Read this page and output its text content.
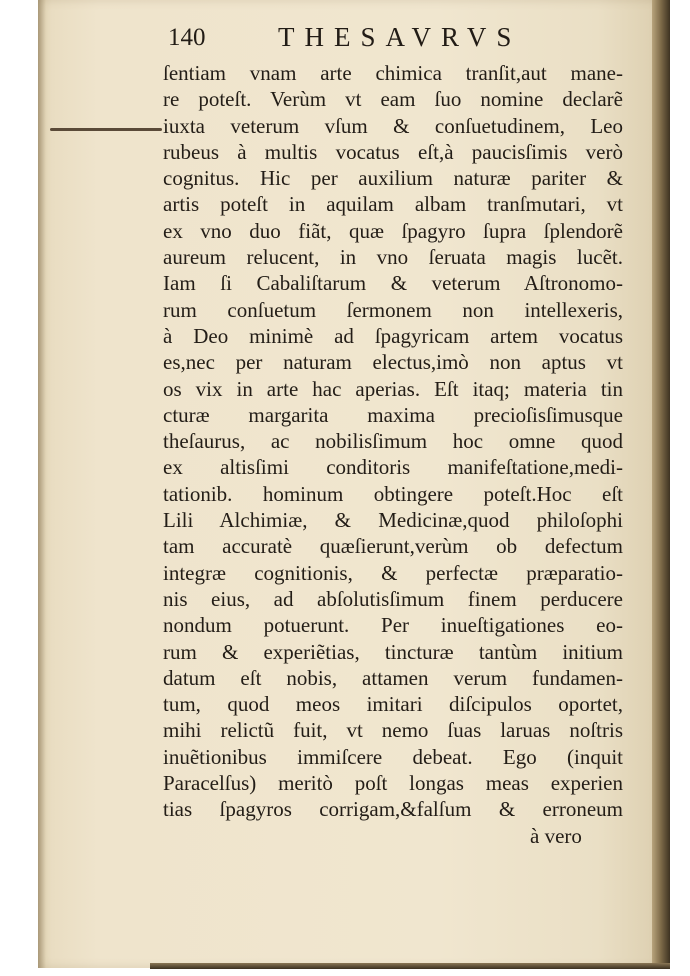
140	THESAVRVS
ſentiam vnam arte chimica tranſit,aut mane-
re poteſt. Verùm vt eam ſuo nomine declarẽ
iuxta veterum vſum & conſuetudinem, Leo
rubeus à multis vocatus eſt,à paucisſimis verò
cognitus. Hic per auxilium naturæ pariter &
artis poteſt in aquilam albam tranſmutari, vt
ex vno duo fiãt, quæ ſpagyro ſupra ſplendorẽ
aureum relucent, in vno ſeruata magis lucẽt.
Iam ſi Cabaliſtarum & veterum Aſtronomo-
rum conſuetum ſermonem non intellexeris,
à Deo minimè ad ſpagyricam artem vocatus
es,nec per naturam electus,imò non aptus vt
os vix in arte hac aperias. Eſt itaq; materia tin
cturæ margarita maxima precioſisſimusque
theſaurus, ac nobilisſimum hoc omne quod
ex altisſimi conditoris manifeſtatione,medi-
tationib. hominum obtingere poteſt.Hoc eſt
Lili Alchimiæ, & Medicinæ,quod philoſophi
tam accuratè quæſierunt,verùm ob defectum
integræ cognitionis, & perfectæ præparatio-
nis eius, ad abſolutisſimum finem perducere
nondum potuerunt. Per inueſtigationes eo-
rum & experiẽtias, tincturæ tantùm initium
datum eſt nobis, attamen verum fundamen-
tum, quod meos imitari diſcipulos oportet,
mihi relictũ fuit, vt nemo ſuas laruas noſtris
inuẽtionibus immiſcere debeat. Ego (inquit
Paracelſus) meritò poſt longas meas experien
tias ſpagyros corrigam,&falſum & erroneum
à vero
